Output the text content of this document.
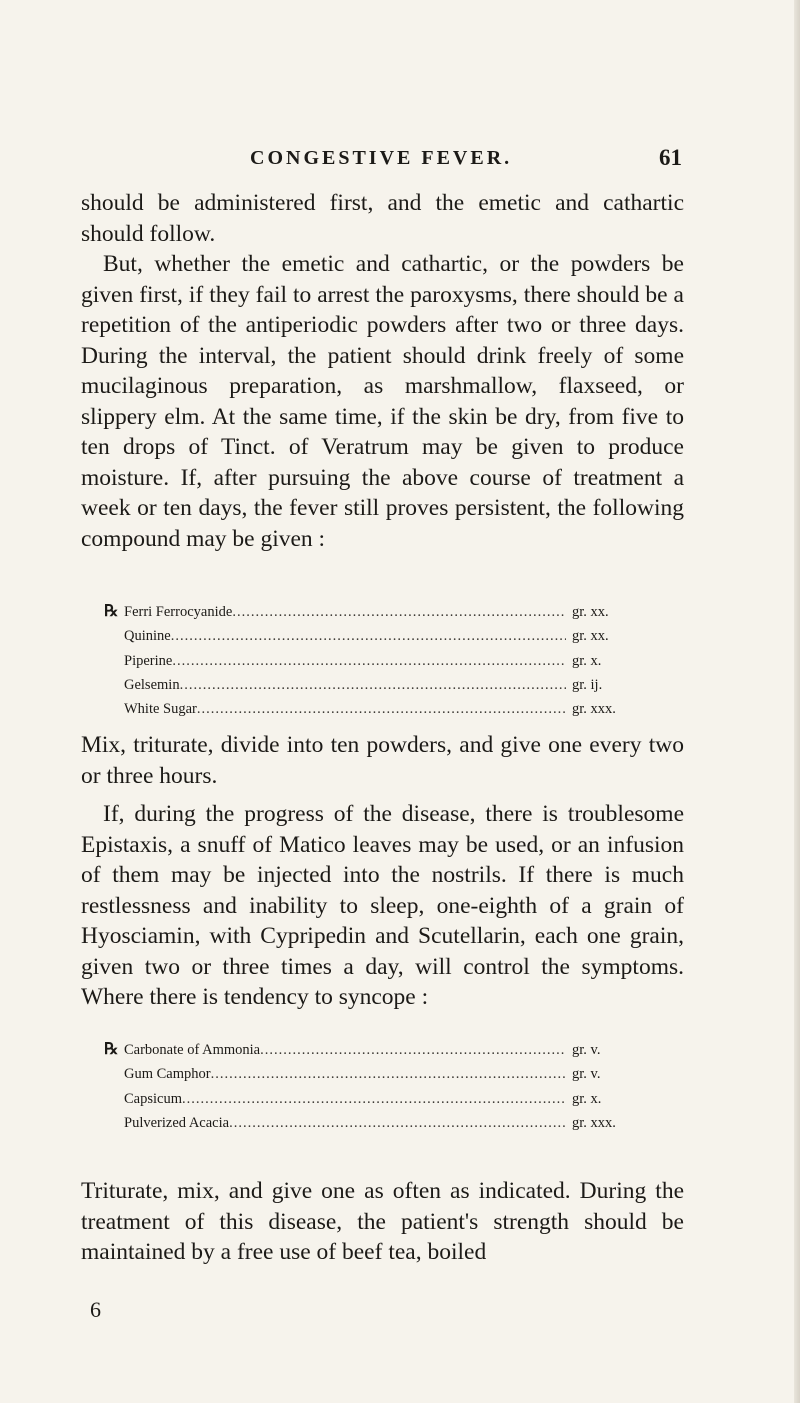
CONGESTIVE FEVER.	61

should be administered first, and the emetic and cathartic should follow.

But, whether the emetic and cathartic, or the powders be given first, if they fail to arrest the paroxysms, there should be a repetition of the antiperiodic powders after two or three days. During the interval, the patient should drink freely of some mucilaginous preparation, as marshmallow, flaxseed, or slippery elm. At the same time, if the skin be dry, from five to ten drops of Tinct. of Veratrum may be given to produce moisture. If, after pursuing the above course of treatment a week or ten days, the fever still proves persistent, the following compound may be given :

℞ Ferri Ferrocyanide .....	gr. xx.
Quinine .....	gr. xx.
Piperine .....	gr. x.
Gelsemin .....	gr. ij.
White Sugar .....	gr. xxx.

Mix, triturate, divide into ten powders, and give one every two or three hours.

If, during the progress of the disease, there is troublesome Epistaxis, a snuff of Matico leaves may be used, or an infusion of them may be injected into the nostrils. If there is much restlessness and inability to sleep, one-eighth of a grain of Hyosciamin, with Cypripedin and Scutellarin, each one grain, given two or three times a day, will control the symptoms. Where there is tendency to syncope :

℞ Carbonate of Ammonia .....	gr. v.
Gum Camphor .....	gr. v.
Capsicum .....	gr. x.
Pulverized Acacia .....	gr. xxx.

Triturate, mix, and give one as often as indicated. During the treatment of this disease, the patient's strength should be maintained by a free use of beef tea, boiled

6
